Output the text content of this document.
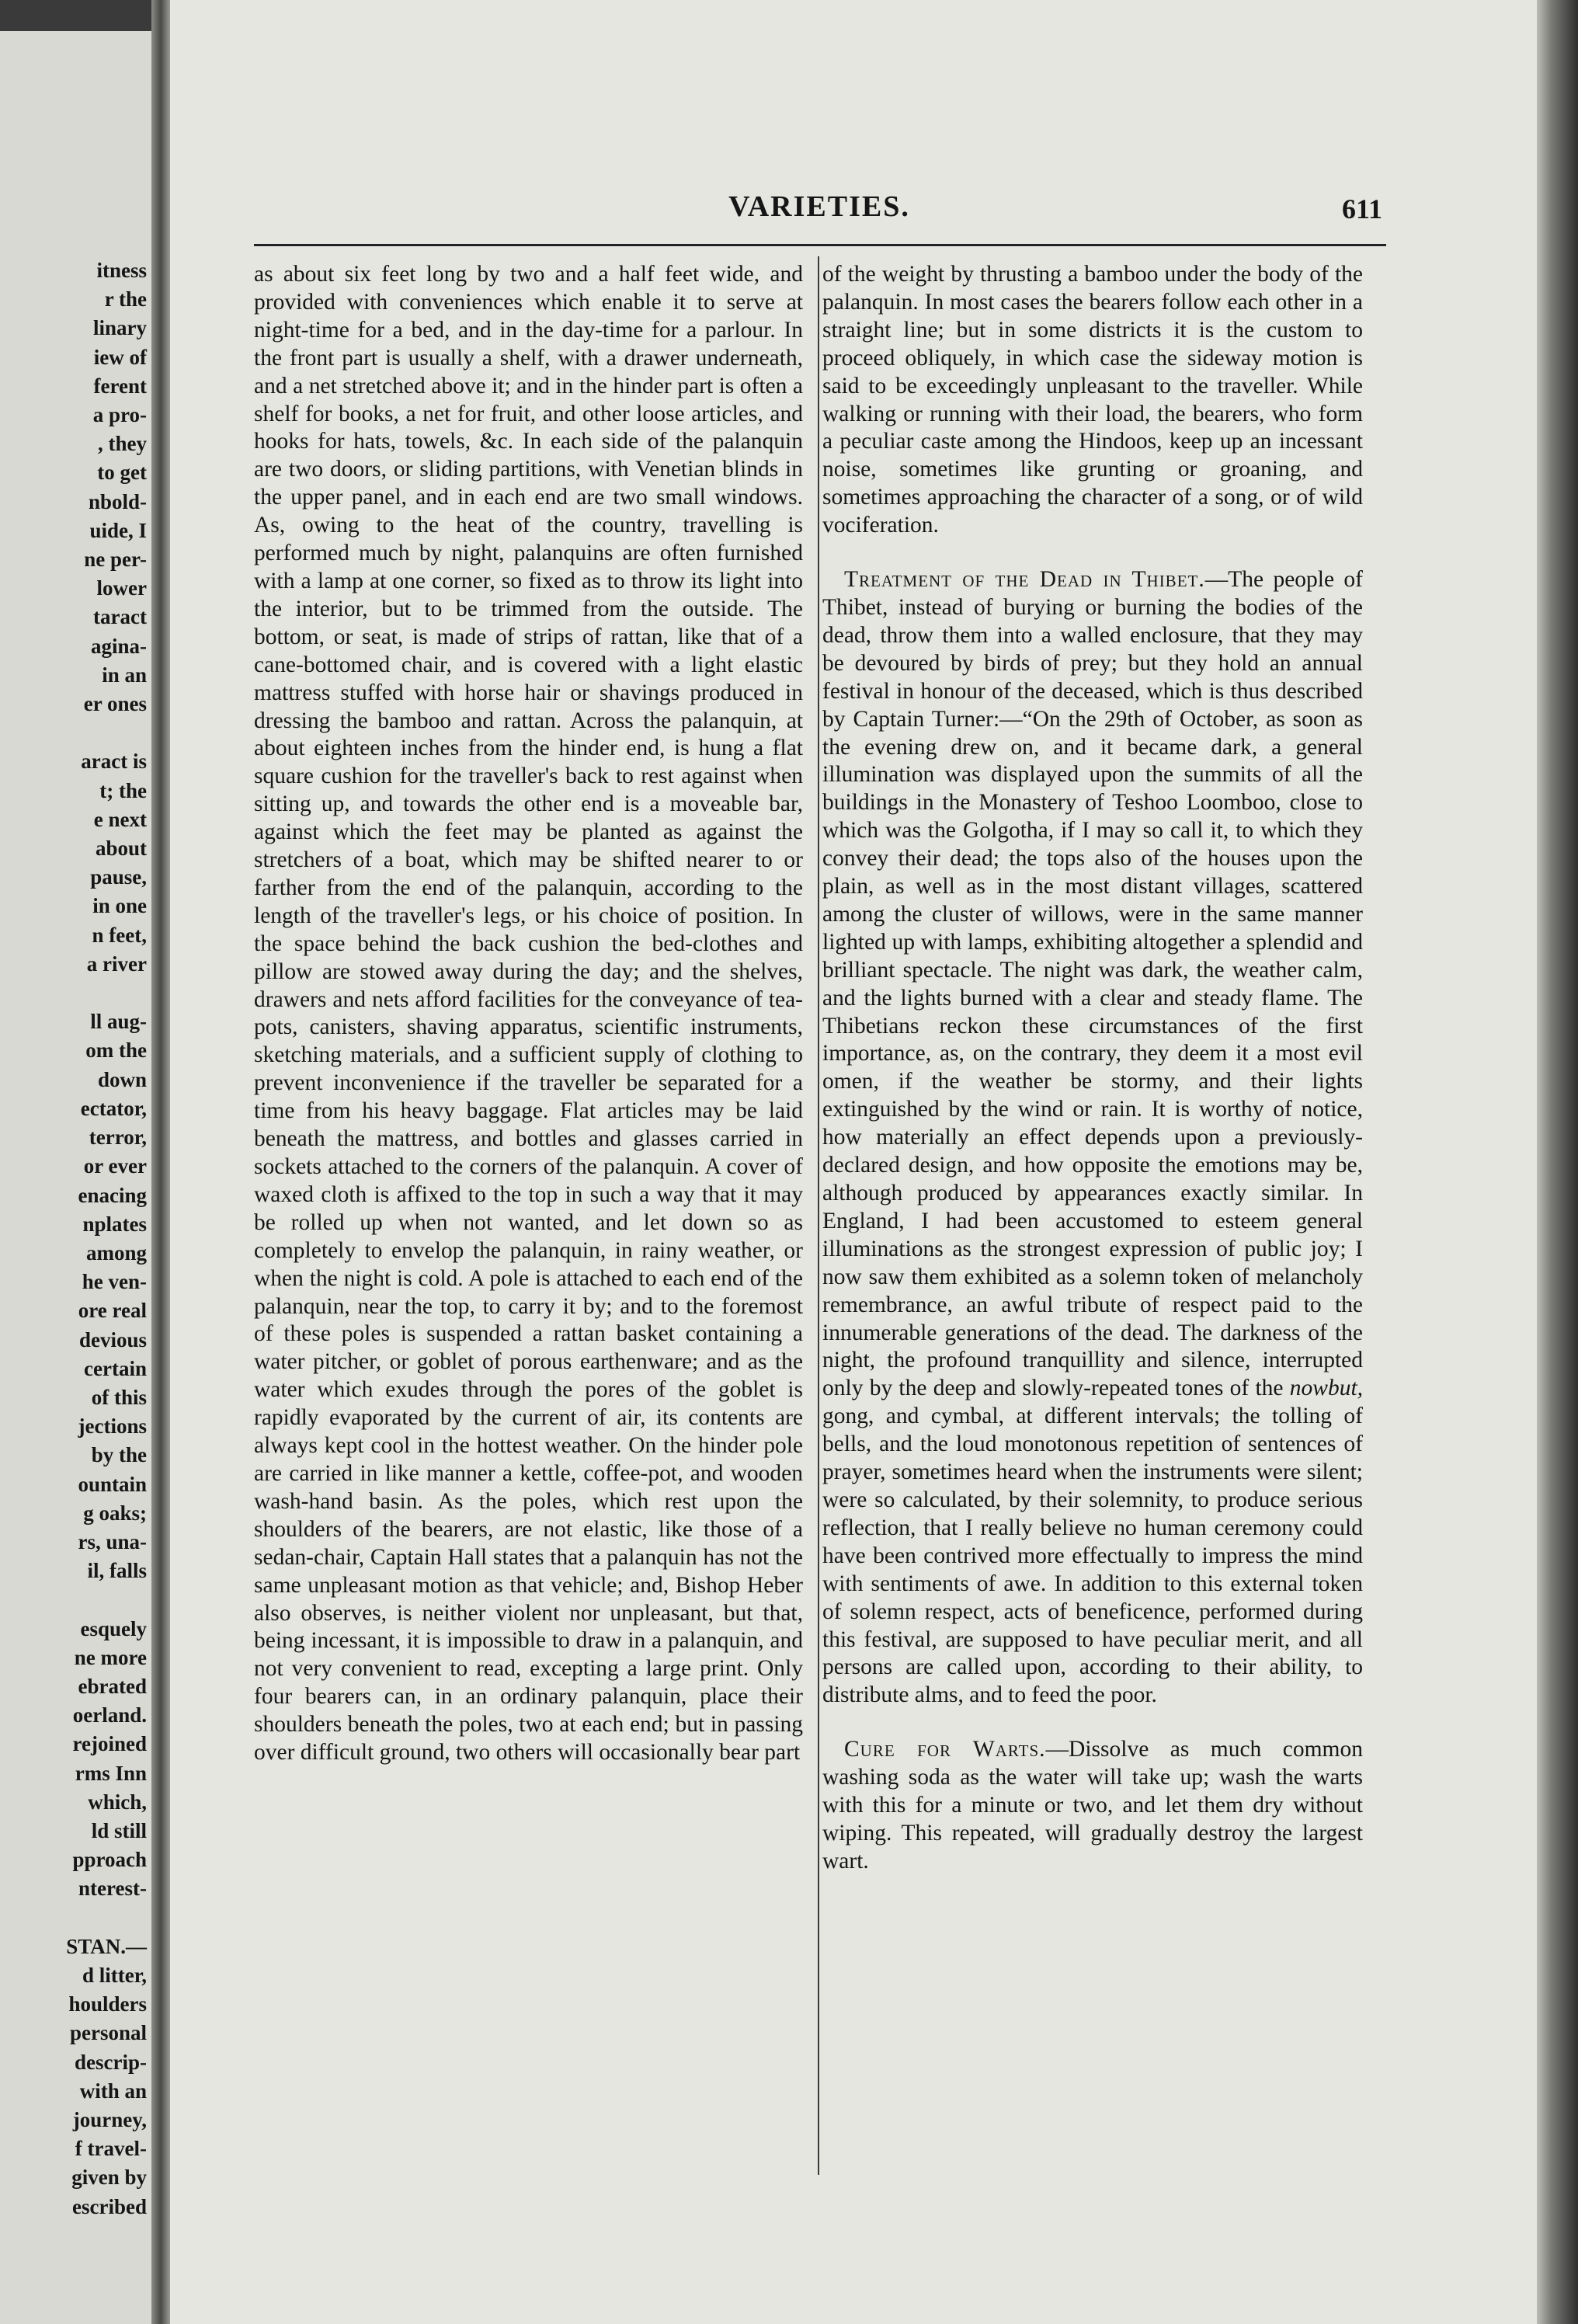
itness
r the
linary
iew of
ferent
a pro-
, they
to get
nbold-
uide, I
ne per-
lower
taract
agina-
in an
er ones

aract is
t; the
e next
about
pause,
in one
n feet,
a river

ll aug-
om the
down
ectator,
terror,
or ever
enacing
nplates
among
he ven-
ore real
devious
certain
of this
jections
by the
ountain
g oaks;
rs, una-
il, falls

esquely
ne more
ebrated
oerland.
rejoined
rms Inn
which,
ld still
pproach
nterest-

STAN.—
d litter,
houlders
personal
descrip-
with an
journey,
f travel-
given by
escribed
VARIETIES.	611

as about six feet long by two and a half feet wide, and provided with conveniences which enable it to serve at night-time for a bed, and in the day-time for a parlour. In the front part is usually a shelf, with a drawer underneath, and a net stretched above it; and in the hinder part is often a shelf for books, a net for fruit, and other loose articles, and hooks for hats, towels, &c. In each side of the palanquin are two doors, or sliding partitions, with Venetian blinds in the upper panel, and in each end are two small windows. As, owing to the heat of the country, travelling is performed much by night, palanquins are often furnished with a lamp at one corner, so fixed as to throw its light into the interior, but to be trimmed from the outside. The bottom, or seat, is made of strips of rattan, like that of a cane-bottomed chair, and is covered with a light elastic mattress stuffed with horse hair or shavings produced in dressing the bamboo and rattan. Across the palanquin, at about eighteen inches from the hinder end, is hung a flat square cushion for the traveller's back to rest against when sitting up, and towards the other end is a moveable bar, against which the feet may be planted as against the stretchers of a boat, which may be shifted nearer to or farther from the end of the palanquin, according to the length of the traveller's legs, or his choice of position. In the space behind the back cushion the bed-clothes and pillow are stowed away during the day; and the shelves, drawers and nets afford facilities for the conveyance of tea-pots, canisters, shaving apparatus, scientific instruments, sketching materials, and a sufficient supply of clothing to prevent inconvenience if the traveller be separated for a time from his heavy baggage. Flat articles may be laid beneath the mattress, and bottles and glasses carried in sockets attached to the corners of the palanquin. A cover of waxed cloth is affixed to the top in such a way that it may be rolled up when not wanted, and let down so as completely to envelop the palanquin, in rainy weather, or when the night is cold. A pole is attached to each end of the palanquin, near the top, to carry it by; and to the foremost of these poles is suspended a rattan basket containing a water pitcher, or goblet of porous earthenware; and as the water which exudes through the pores of the goblet is rapidly evaporated by the current of air, its contents are always kept cool in the hottest weather. On the hinder pole are carried in like manner a kettle, coffee-pot, and wooden wash-hand basin. As the poles, which rest upon the shoulders of the bearers, are not elastic, like those of a sedan-chair, Captain Hall states that a palanquin has not the same unpleasant motion as that vehicle; and, Bishop Heber also observes, is neither violent nor unpleasant, but that, being incessant, it is impossible to draw in a palanquin, and not very convenient to read, excepting a large print. Only four bearers can, in an ordinary palanquin, place their shoulders beneath the poles, two at each end; but in passing over difficult ground, two others will occasionally bear part

of the weight by thrusting a bamboo under the body of the palanquin. In most cases the bearers follow each other in a straight line; but in some districts it is the custom to proceed obliquely, in which case the sideway motion is said to be exceedingly unpleasant to the traveller. While walking or running with their load, the bearers, who form a peculiar caste among the Hindoos, keep up an incessant noise, sometimes like grunting or groaning, and sometimes approaching the character of a song, or of wild vociferation.

Treatment of the Dead in Thibet.—The people of Thibet, instead of burying or burning the bodies of the dead, throw them into a walled enclosure, that they may be devoured by birds of prey; but they hold an annual festival in honour of the deceased, which is thus described by Captain Turner:—“On the 29th of October, as soon as the evening drew on, and it became dark, a general illumination was displayed upon the summits of all the buildings in the Monastery of Teshoo Loomboo, close to which was the Golgotha, if I may so call it, to which they convey their dead; the tops also of the houses upon the plain, as well as in the most distant villages, scattered among the cluster of willows, were in the same manner lighted up with lamps, exhibiting altogether a splendid and brilliant spectacle. The night was dark, the weather calm, and the lights burned with a clear and steady flame. The Thibetians reckon these circumstances of the first importance, as, on the contrary, they deem it a most evil omen, if the weather be stormy, and their lights extinguished by the wind or rain. It is worthy of notice, how materially an effect depends upon a previously-declared design, and how opposite the emotions may be, although produced by appearances exactly similar. In England, I had been accustomed to esteem general illuminations as the strongest expression of public joy; I now saw them exhibited as a solemn token of melancholy remembrance, an awful tribute of respect paid to the innumerable generations of the dead. The darkness of the night, the profound tranquillity and silence, interrupted only by the deep and slowly-repeated tones of the nowbut, gong, and cymbal, at different intervals; the tolling of bells, and the loud monotonous repetition of sentences of prayer, sometimes heard when the instruments were silent; were so calculated, by their solemnity, to produce serious reflection, that I really believe no human ceremony could have been contrived more effectually to impress the mind with sentiments of awe. In addition to this external token of solemn respect, acts of beneficence, performed during this festival, are supposed to have peculiar merit, and all persons are called upon, according to their ability, to distribute alms, and to feed the poor.

Cure for Warts.—Dissolve as much common washing soda as the water will take up; wash the warts with this for a minute or two, and let them dry without wiping. This repeated, will gradually destroy the largest wart.
